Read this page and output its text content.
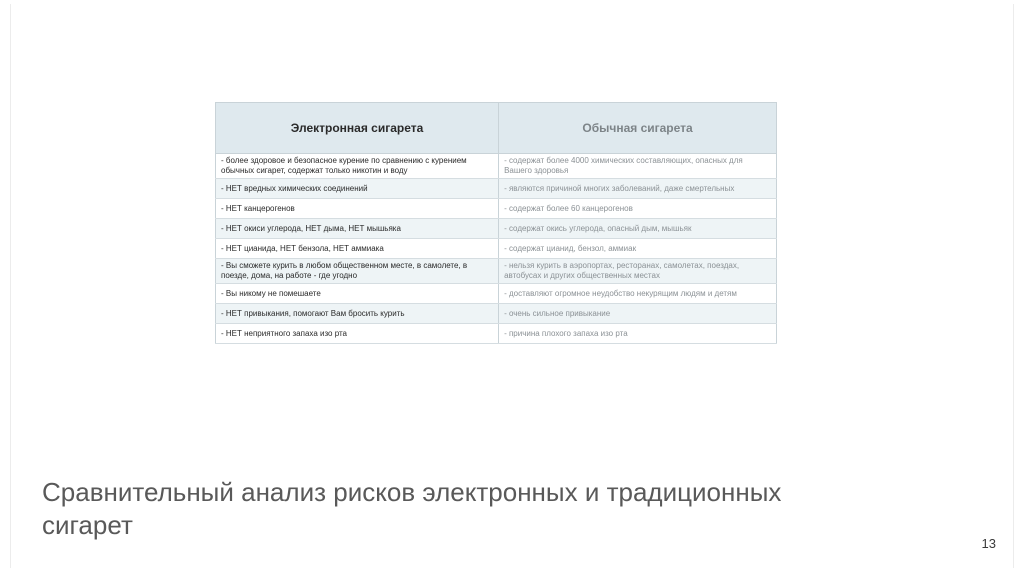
Электронная сигарета	Обычная сигарета
- более здоровое и безопасное курение по сравнению с курением обычных сигарет, содержат только никотин и воду	- содержат более 4000 химических составляющих, опасных для Вашего здоровья
- НЕТ вредных химических соединений	- являются причиной многих заболеваний, даже смертельных
- НЕТ канцерогенов	- содержат более 60 канцерогенов
- НЕТ окиси углерода, НЕТ дыма, НЕТ мышьяка	- содержат окись углерода, опасный дым, мышьяк
- НЕТ цианида, НЕТ бензола, НЕТ аммиака	- содержат цианид, бензол, аммиак
- Вы сможете курить в любом общественном месте, в самолете, в поезде, дома, на работе - где угодно	- нельзя курить в аэропортах, ресторанах, самолетах, поездах, автобусах и других общественных местах
- Вы никому не помешаете	- доставляют огромное неудобство некурящим людям и детям
- НЕТ привыкания, помогают Вам бросить курить	- очень сильное привыкание
- НЕТ неприятного запаха изо рта	- причина плохого запаха изо рта
Сравнительный анализ рисков электронных и традиционных сигарет
13
